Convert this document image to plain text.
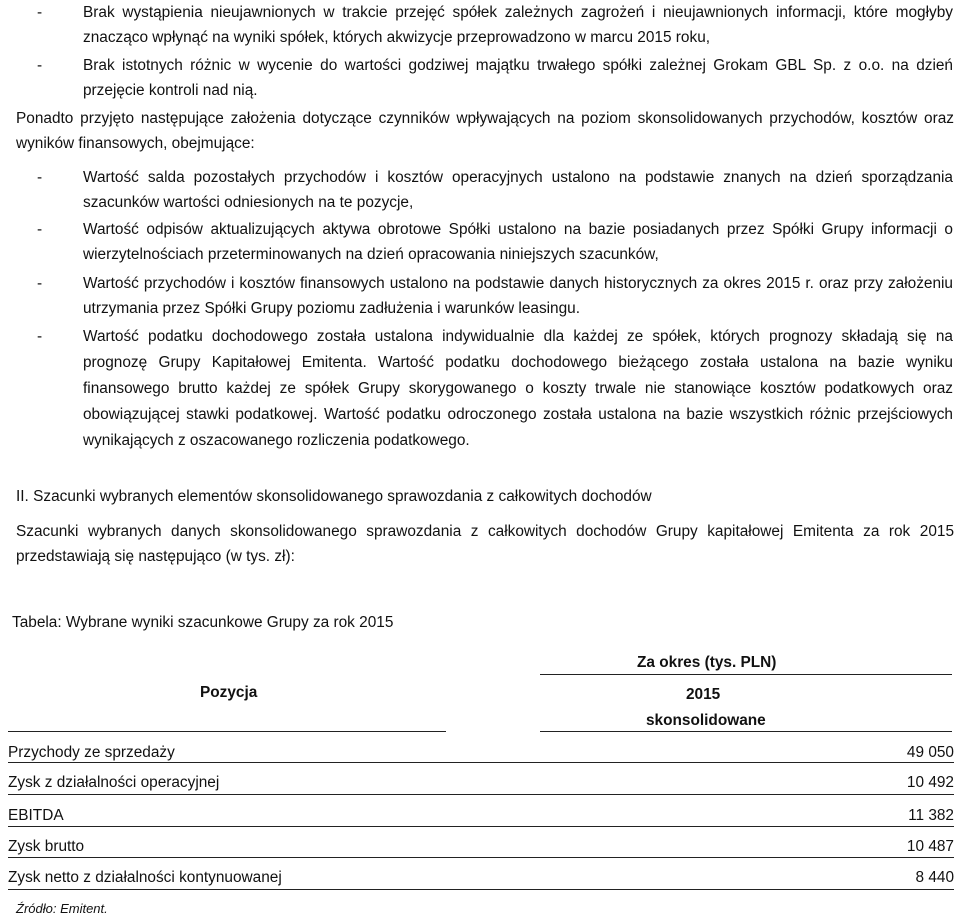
-	Brak wystąpienia nieujawnionych w trakcie przejęć spółek zależnych zagrożeń i nieujawnionych informacji, które mogłyby znacząco wpłynąć na wyniki spółek, których akwizycje przeprowadzono w marcu 2015 roku,
-	Brak istotnych różnic w wycenie do wartości godziwej majątku trwałego spółki zależnej Grokam GBL Sp. z o.o. na dzień przejęcie kontroli nad nią.

Ponadto przyjęto następujące założenia dotyczące czynników wpływających na poziom skonsolidowanych przychodów, kosztów oraz wyników finansowych, obejmujące:

-	Wartość salda pozostałych przychodów i kosztów operacyjnych ustalono na podstawie znanych na dzień sporządzania szacunków wartości odniesionych na te pozycje,
-	Wartość odpisów aktualizujących aktywa obrotowe Spółki ustalono na bazie posiadanych przez Spółki Grupy informacji o wierzytelnościach przeterminowanych na dzień opracowania niniejszych szacunków,
-	Wartość przychodów i kosztów finansowych ustalono na podstawie danych historycznych za okres 2015 r. oraz przy założeniu utrzymania przez Spółki Grupy poziomu zadłużenia i warunków leasingu.
-	Wartość podatku dochodowego została ustalona indywidualnie dla każdej ze spółek, których prognozy składają się na prognozę Grupy Kapitałowej Emitenta. Wartość podatku dochodowego bieżącego została ustalona na bazie wyniku finansowego brutto każdej ze spółek Grupy skorygowanego o koszty trwale nie stanowiące kosztów podatkowych oraz obowiązującej stawki podatkowej. Wartość podatku odroczonego została ustalona na bazie wszystkich różnic przejściowych wynikających z oszacowanego rozliczenia podatkowego.

II. Szacunki wybranych elementów skonsolidowanego sprawozdania z całkowitych dochodów

Szacunki wybranych danych skonsolidowanego sprawozdania z całkowitych dochodów Grupy kapitałowej Emitenta za rok 2015 przedstawiają się następująco (w tys. zł):

Tabela: Wybrane wyniki szacunkowe Grupy za rok 2015
Za okres (tys. PLN)
Pozycja	2015
skonsolidowane
Przychody ze sprzedaży	49 050
Zysk z działalności operacyjnej	10 492
EBITDA	11 382
Zysk brutto	10 487
Zysk netto z działalności kontynuowanej	8 440
Źródło: Emitent.
